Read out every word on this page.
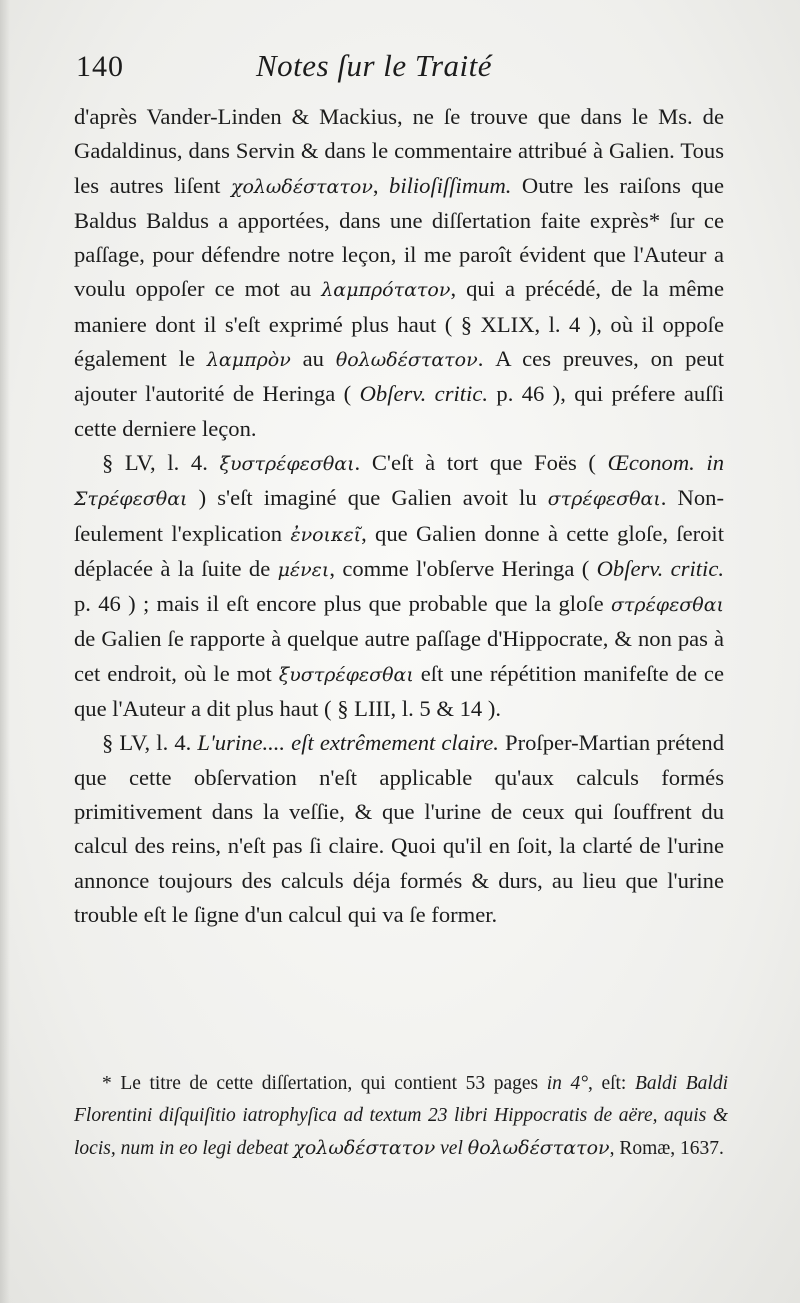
140	Notes ſur le Traité

d'après Vander-Linden & Mackius, ne ſe trouve que dans le Ms. de Gadaldinus, dans Servin & dans le commentaire attribué à Galien. Tous les autres liſent χολωδέστατον, bilioſiſſimum. Outre les raiſons que Baldus Baldus a apportées, dans une diſſertation faite exprès* ſur ce paſſage, pour défendre notre leçon, il me paroît évident que l'Auteur a voulu oppoſer ce mot au λαμπρότατον, qui a précédé, de la même maniere dont il s'eſt exprimé plus haut ( § XLIX, l. 4 ), où il oppoſe également le λαμπρὸν au θολωδέστατον. A ces preuves, on peut ajouter l'autorité de Heringa ( Obſerv. critic. p. 46 ), qui préfere auſſi cette derniere leçon.

§ LV, l. 4. ξυστρέφεσθαι. C'eſt à tort que Foës ( Œconom. in Στρέφεσθαι ) s'eſt imaginé que Galien avoit lu στρέφεσθαι. Non-ſeulement l'explication ἐνοικεῖ, que Galien donne à cette gloſe, ſeroit déplacée à la ſuite de μένει, comme l'obſerve Heringa ( Obſerv. critic. p. 46 ) ; mais il eſt encore plus que probable que la gloſe στρέφεσθαι de Galien ſe rapporte à quelque autre paſſage d'Hippocrate, & non pas à cet endroit, où le mot ξυστρέφεσθαι eſt une répétition manifeſte de ce que l'Auteur a dit plus haut ( § LIII, l. 5 & 14 ).

§ LV, l. 4. L'urine.... eſt extrêmement claire. Proſper-Martian prétend que cette obſervation n'eſt applicable qu'aux calculs formés primitivement dans la veſſie, & que l'urine de ceux qui ſouffrent du calcul des reins, n'eſt pas ſi claire. Quoi qu'il en ſoit, la clarté de l'urine annonce toujours des calculs déja formés & durs, au lieu que l'urine trouble eſt le ſigne d'un calcul qui va ſe former.

* Le titre de cette diſſertation, qui contient 53 pages in 4°, eſt: Baldi Baldi Florentini diſquiſitio iatrophyſica ad textum 23 libri Hippocratis de aëre, aquis & locis, num in eo legi debeat χολωδέστατον vel θολωδέστατον, Romæ, 1637.
